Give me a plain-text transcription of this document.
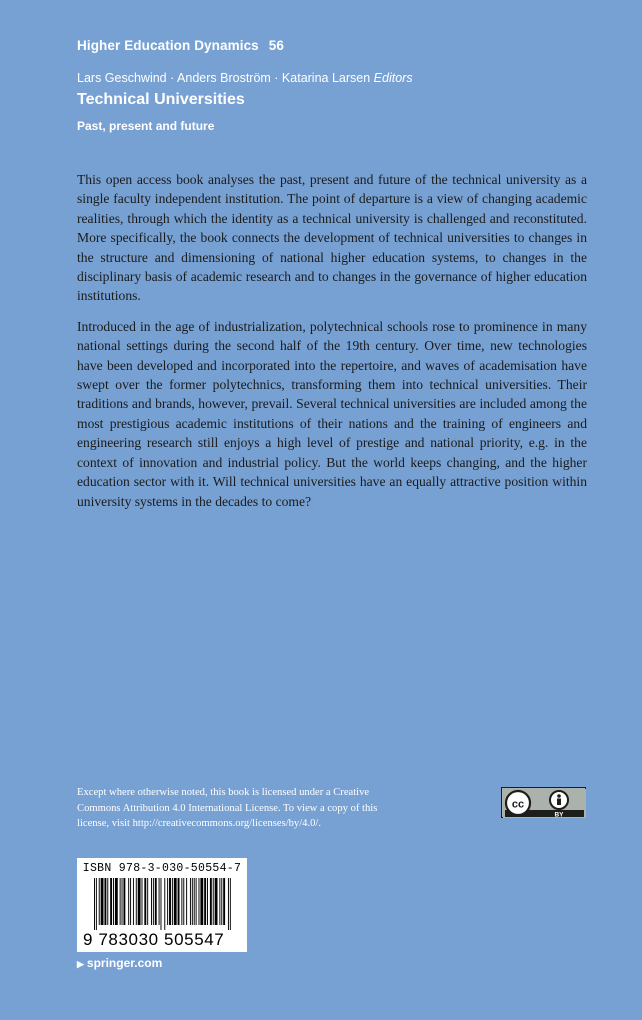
Higher Education Dynamics 56
Lars Geschwind · Anders Broström · Katarina Larsen Editors
Technical Universities
Past, present and future

This open access book analyses the past, present and future of the technical university as a single faculty independent institution. The point of departure is a view of changing academic realities, through which the identity as a technical university is challenged and reconstituted. More specifically, the book connects the development of technical universities to changes in the structure and dimensioning of national higher education systems, to changes in the disciplinary basis of academic research and to changes in the governance of higher education institutions.

Introduced in the age of industrialization, polytechnical schools rose to prominence in many national settings during the second half of the 19th century. Over time, new technologies have been developed and incorporated into the repertoire, and waves of academisation have swept over the former polytechnics, transforming them into technical universities. Their traditions and brands, however, prevail. Several technical universities are included among the most prestigious academic institutions of their nations and the training of engineers and engineering research still enjoys a high level of prestige and national priority, e.g. in the context of innovation and industrial policy. But the world keeps changing, and the higher education sector with it. Will technical universities have an equally attractive position within university systems in the decades to come?

Except where otherwise noted, this book is licensed under a Creative Commons Attribution 4.0 International License. To view a copy of this license, visit http://creativecommons.org/licenses/by/4.0/.
cc
BY
ISBN 978-3-030-50554-7
9 783030 505547
▶ springer.com
